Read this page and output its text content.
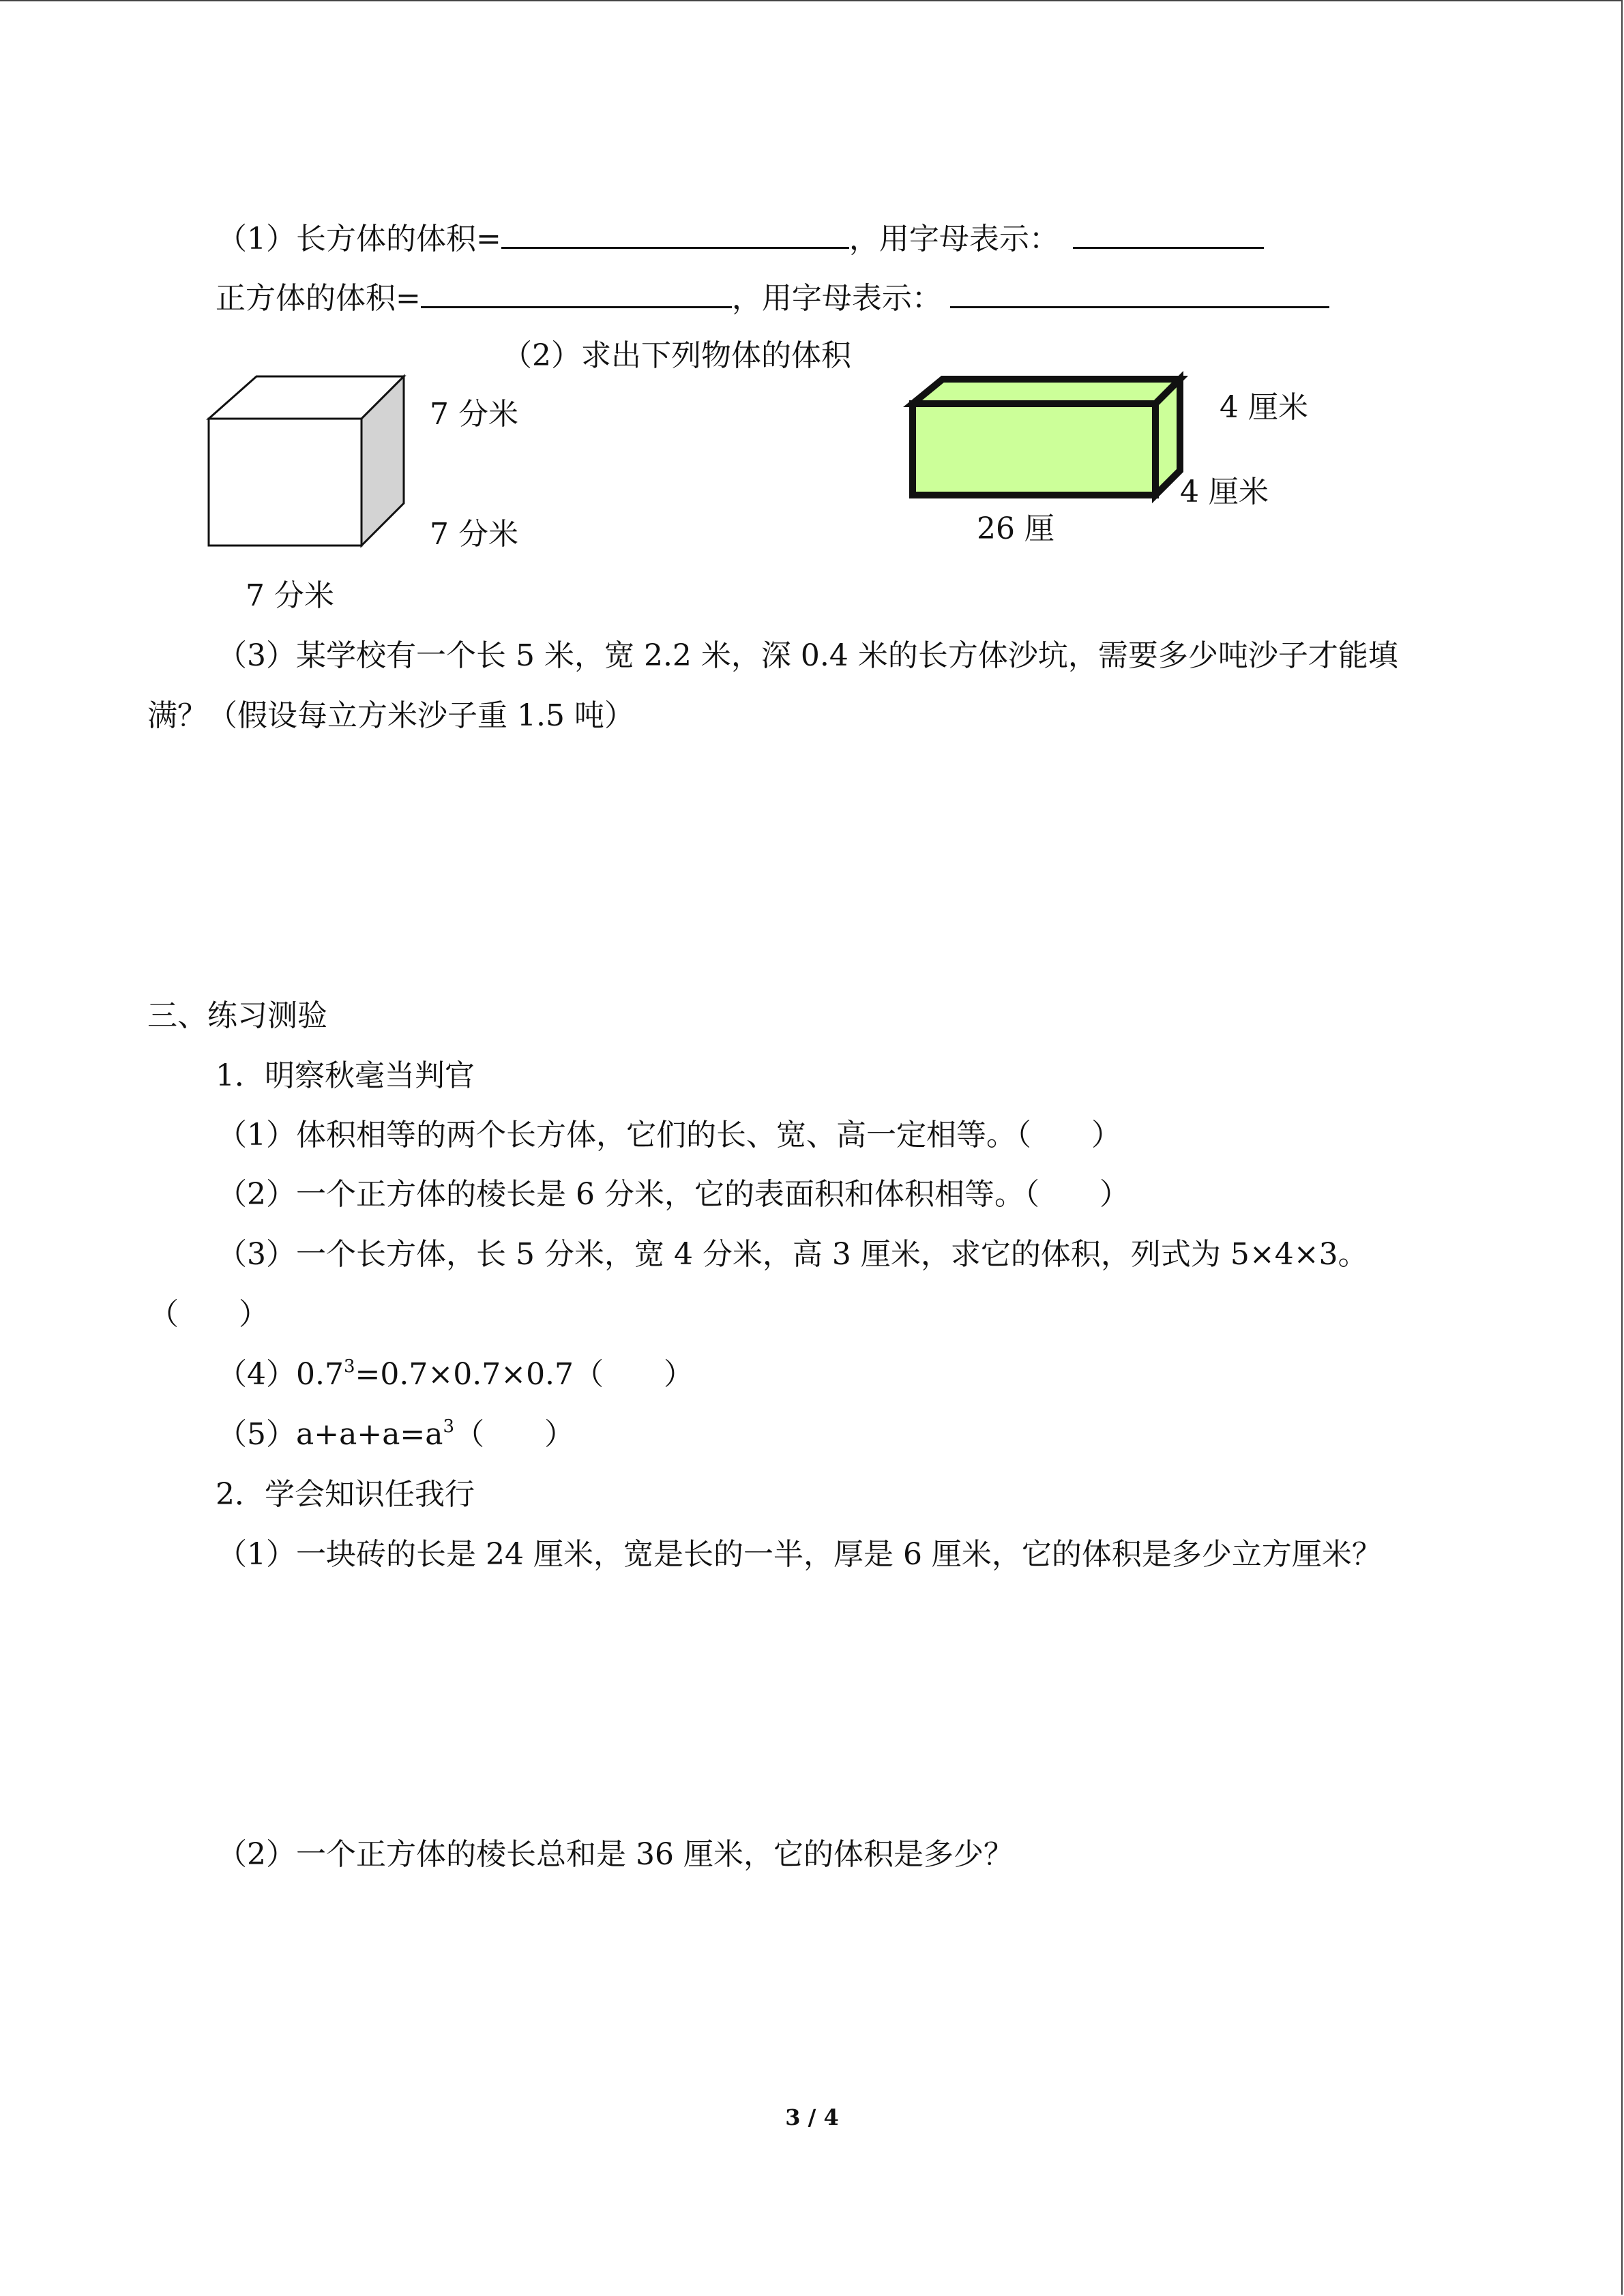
（1）长方体的体积=	，用字母表示：
正方体的体积=	，用字母表示：
（2）求出下列物体的体积
7 分米
7 分米
7 分米
4 厘米
4 厘米
26 厘
（3）某学校有一个长 5 米，宽 2.2 米，深 0.4 米的长方体沙坑，需要多少吨沙子才能填
满？（假设每立方米沙子重 1.5 吨）
三、练习测验
1．明察秋毫当判官
（1）体积相等的两个长方体，它们的长、宽、高一定相等。（　　）
（2）一个正方体的棱长是 6 分米，它的表面积和体积相等。（　　）
（3）一个长方体，长 5 分米，宽 4 分米，高 3 厘米，求它的体积，列式为 5×4×3。
（　　）
$(4)0.7^3=0.7\times 0.7\times 0.7$（　　）
$(5)a+a+a=a^3$（　　）
2．学会知识任我行
（1）一块砖的长是 24 厘米，宽是长的一半，厚是 6 厘米，它的体积是多少立方厘米？
（2）一个正方体的棱长总和是 36 厘米，它的体积是多少？
3 / 4
